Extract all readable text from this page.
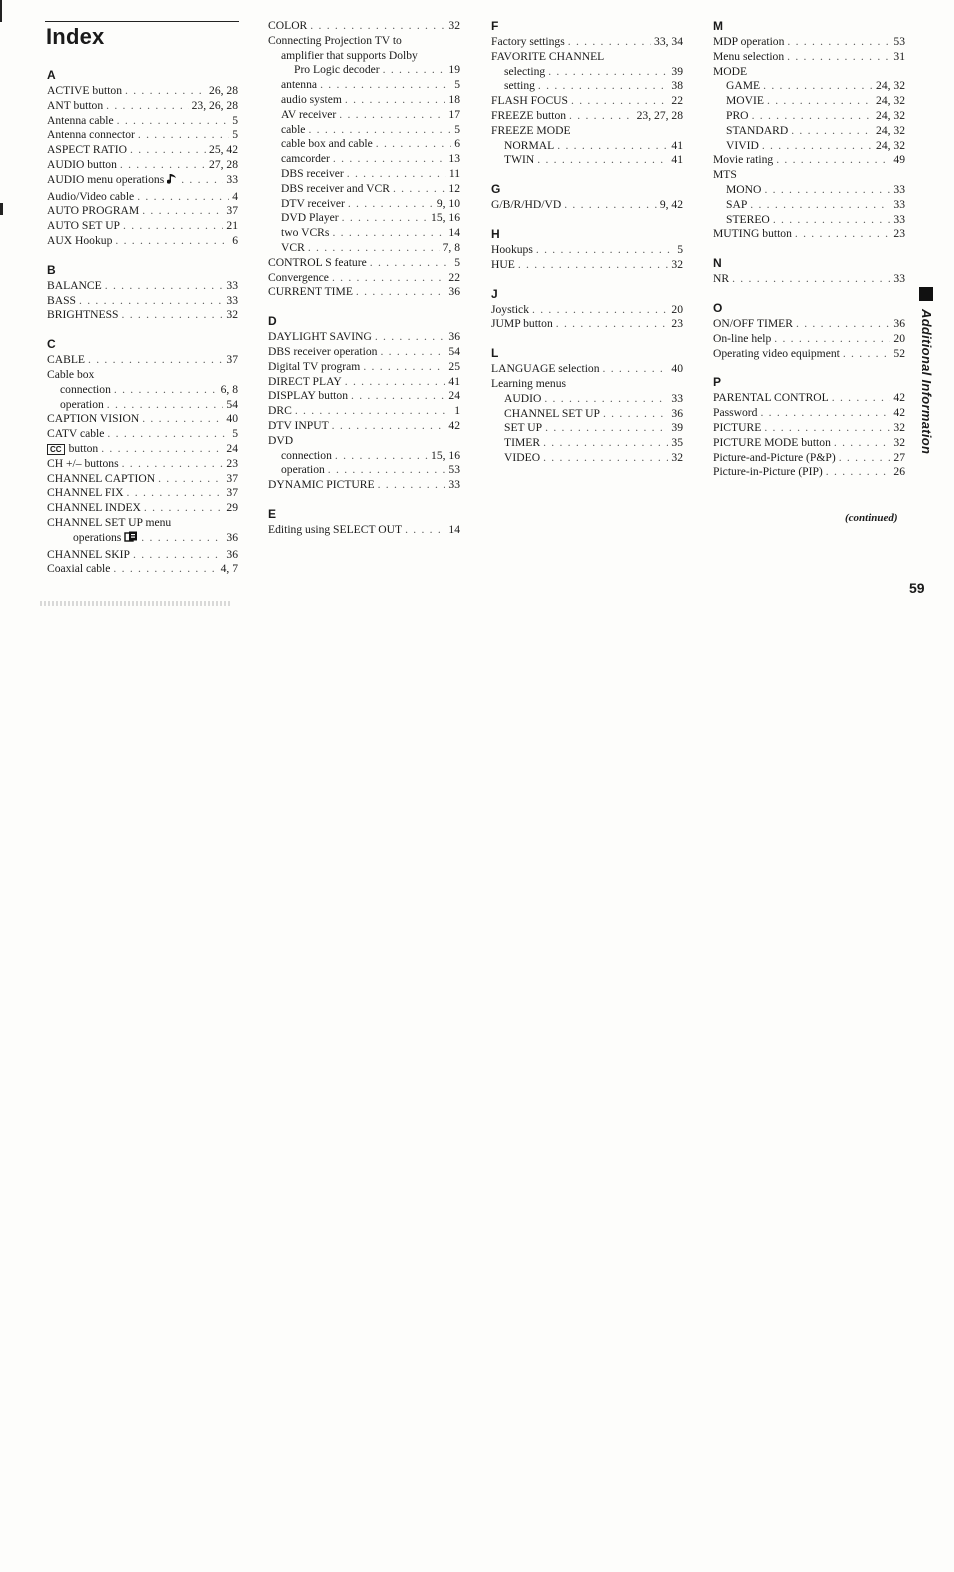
Index
A
ACTIVE button . . .	26, 28
ANT button . . .	23, 26, 28
Antenna cable . . .	5
Antenna connector . . .	5
ASPECT RATIO . . .	25, 42
AUDIO button . . .	27, 28
AUDIO menu operations . . .	33
Audio/Video cable . . .	4
AUTO PROGRAM . . .	37
AUTO SET UP . . .	21
AUX Hookup . . .	6
B
BALANCE . . .	33
BASS . . .	33
BRIGHTNESS . . .	32
C
CABLE . . .	37
Cable box
connection . . .	6, 8
operation . . .	54
CAPTION VISION . . .	40
CATV cable . . .	5
CC button . . .	24
CH +/– buttons . . .	23
CHANNEL CAPTION . . .	37
CHANNEL FIX . . .	37
CHANNEL INDEX . . .	29
CHANNEL SET UP menu
operations . . .	36
CHANNEL SKIP . . .	36
Coaxial cable . . .	4, 7
COLOR . . .	32
Connecting Projection TV to
amplifier that supports Dolby
Pro Logic decoder . . .	19
antenna . . .	5
audio system . . .	18
AV receiver . . .	17
cable . . .	5
cable box and cable . . .	6
camcorder . . .	13
DBS receiver . . .	11
DBS receiver and VCR . . .	12
DTV receiver . . .	9, 10
DVD Player . . .	15, 16
two VCRs . . .	14
VCR . . .	7, 8
CONTROL S feature . . .	5
Convergence . . .	22
CURRENT TIME . . .	36
D
DAYLIGHT SAVING . . .	36
DBS receiver operation . . .	54
Digital TV program . . .	25
DIRECT PLAY . . .	41
DISPLAY button . . .	24
DRC . . .	1
DTV INPUT . . .	42
DVD
connection . . .	15, 16
operation . . .	53
DYNAMIC PICTURE . . .	33
E
Editing using SELECT OUT . . .	14
F
Factory settings . . .	33, 34
FAVORITE CHANNEL
selecting . . .	39
setting . . .	38
FLASH FOCUS . . .	22
FREEZE button . . .	23, 27, 28
FREEZE MODE
NORMAL . . .	41
TWIN . . .	41
G
G/B/R/HD/VD . . .	9, 42
H
Hookups . . .	5
HUE . . .	32
J
Joystick . . .	20
JUMP button . . .	23
L
LANGUAGE selection . . .	40
Learning menus
AUDIO . . .	33
CHANNEL SET UP . . .	36
SET UP . . .	39
TIMER . . .	35
VIDEO . . .	32
M
MDP operation . . .	53
Menu selection . . .	31
MODE
GAME . . .	24, 32
MOVIE . . .	24, 32
PRO . . .	24, 32
STANDARD . . .	24, 32
VIVID . . .	24, 32
Movie rating . . .	49
MTS
MONO . . .	33
SAP . . .	33
STEREO . . .	33
MUTING button . . .	23
N
NR . . .	33
O
ON/OFF TIMER . . .	36
On-line help . . .	20
Operating video equipment . . .	52
P
PARENTAL CONTROL . . .	42
Password . . .	42
PICTURE . . .	32
PICTURE MODE button . . .	32
Picture-and-Picture (P&P) . . .	27
Picture-in-Picture (PIP) . . .	26
(continued)
Additional Information
59
